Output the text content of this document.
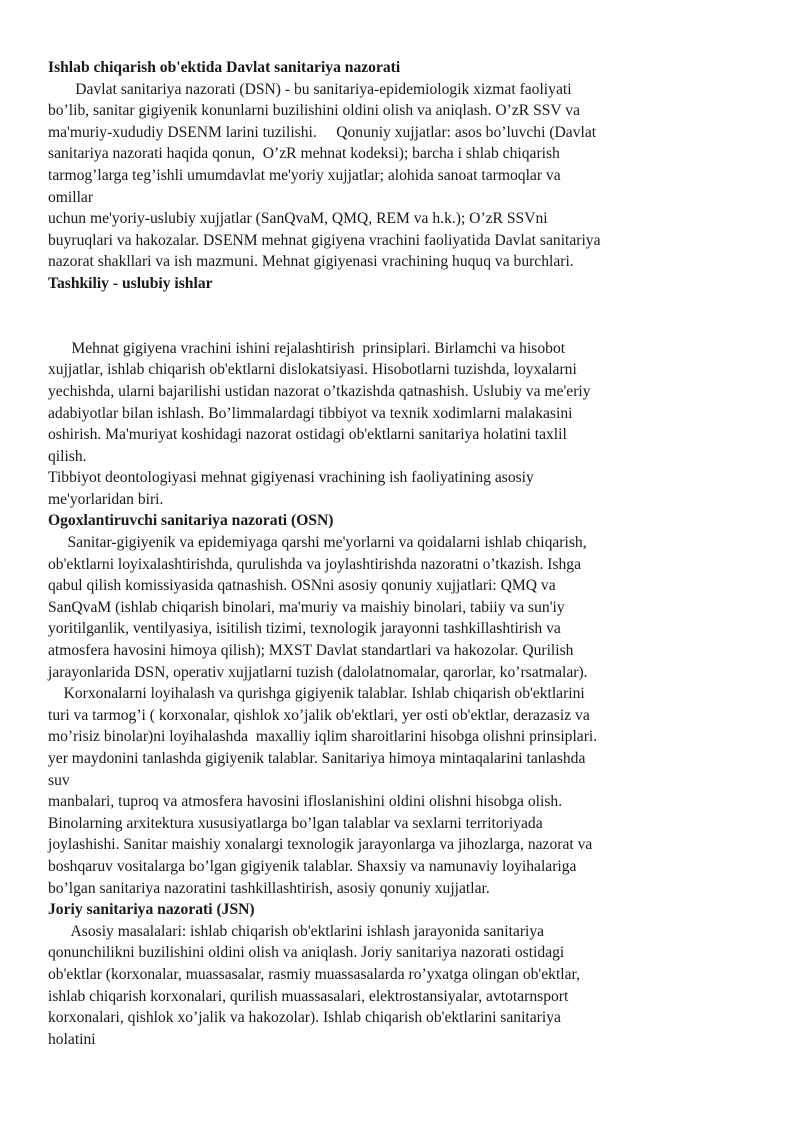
Ishlab chiqarish ob'ektida Davlat sanitariya nazorati
Davlat sanitariya nazorati (DSN) - bu sanitariya-epidemiologik xizmat faoliyati
bo’lib, sanitar gigiyenik konunlarni buzilishini oldini olish va aniqlash. O’zR SSV va
ma'muriy-xududiy DSENM larini tuzilishi.     Qonuniy xujjatlar: asos bo’luvchi (Davlat
sanitariya nazorati haqida qonun,  O’zR mehnat kodeksi); barcha i shlab chiqarish
tarmog’larga teg’ishli umumdavlat me'yoriy xujjatlar; alohida sanoat tarmoqlar va
omillar
uchun me'yoriy-uslubiy xujjatlar (SanQvaM, QMQ, REM va h.k.); O’zR SSVni
buyruqlari va hakozalar. DSENM mehnat gigiyena vrachini faoliyatida Davlat sanitariya
nazorat shakllari va ish mazmuni. Mehnat gigiyenasi vrachining huquq va burchlari.
Tashkiliy - uslubiy ishlar
Mehnat gigiyena vrachini ishini rejalashtirish  prinsiplari. Birlamchi va hisobot
xujjatlar, ishlab chiqarish ob'ektlarni dislokatsiyasi. Hisobotlarni tuzishda, loyxalarni
yechishda, ularni bajarilishi ustidan nazorat o’tkazishda qatnashish. Uslubiy va me'eriy
adabiyotlar bilan ishlash. Bo’limmalardagi tibbiyot va texnik xodimlarni malakasini
oshirish. Ma'muriyat koshidagi nazorat ostidagi ob'ektlarni sanitariya holatini taxlil
qilish.
Tibbiyot deontologiyasi mehnat gigiyenasi vrachining ish faoliyatining asosiy
me'yorlaridan biri.
Ogoxlantiruvchi sanitariya nazorati (OSN)
Sanitar-gigiyenik va epidemiyaga qarshi me'yorlarni va qoidalarni ishlab chiqarish,
ob'ektlarni loyixalashtirishda, qurulishda va joylashtirishda nazoratni o’tkazish. Ishga
qabul qilish komissiyasida qatnashish. OSNni asosiy qonuniy xujjatlari: QMQ va
SanQvaM (ishlab chiqarish binolari, ma'muriy va maishiy binolari, tabiiy va sun'iy
yoritilganlik, ventilyasiya, isitilish tizimi, texnologik jarayonni tashkillashtirish va
atmosfera havosini himoya qilish); MXST Davlat standartlari va hakozolar. Qurilish
jarayonlarida DSN, operativ xujjatlarni tuzish (dalolatnomalar, qarorlar, ko’rsatmalar).
Korxonalarni loyihalash va qurishga gigiyenik talablar. Ishlab chiqarish ob'ektlarini
turi va tarmog’i ( korxonalar, qishlok xo’jalik ob'ektlari, yer osti ob'ektlar, derazasiz va
mo’risiz binolar)ni loyihalashda  maxalliy iqlim sharoitlarini hisobga olishni prinsiplari.
yer maydonini tanlashda gigiyenik talablar. Sanitariya himoya mintaqalarini tanlashda
suv
manbalari, tuproq va atmosfera havosini ifloslanishini oldini olishni hisobga olish.
Binolarning arxitektura xususiyatlarga bo’lgan talablar va sexlarni territoriyada
joylashishi. Sanitar maishiy xonalargi texnologik jarayonlarga va jihozlarga, nazorat va
boshqaruv vositalarga bo’lgan gigiyenik talablar. Shaxsiy va namunaviy loyihalariga
bo’lgan sanitariya nazoratini tashkillashtirish, asosiy qonuniy xujjatlar.
Joriy sanitariya nazorati (JSN)
Asosiy masalalari: ishlab chiqarish ob'ektlarini ishlash jarayonida sanitariya
qonunchilikni buzilishini oldini olish va aniqlash. Joriy sanitariya nazorati ostidagi
ob'ektlar (korxonalar, muassasalar, rasmiy muassasalarda ro’yxatga olingan ob'ektlar,
ishlab chiqarish korxonalari, qurilish muassasalari, elektrostansiyalar, avtotarnsport
korxonalari, qishlok xo’jalik va hakozolar). Ishlab chiqarish ob'ektlarini sanitariya
holatini
